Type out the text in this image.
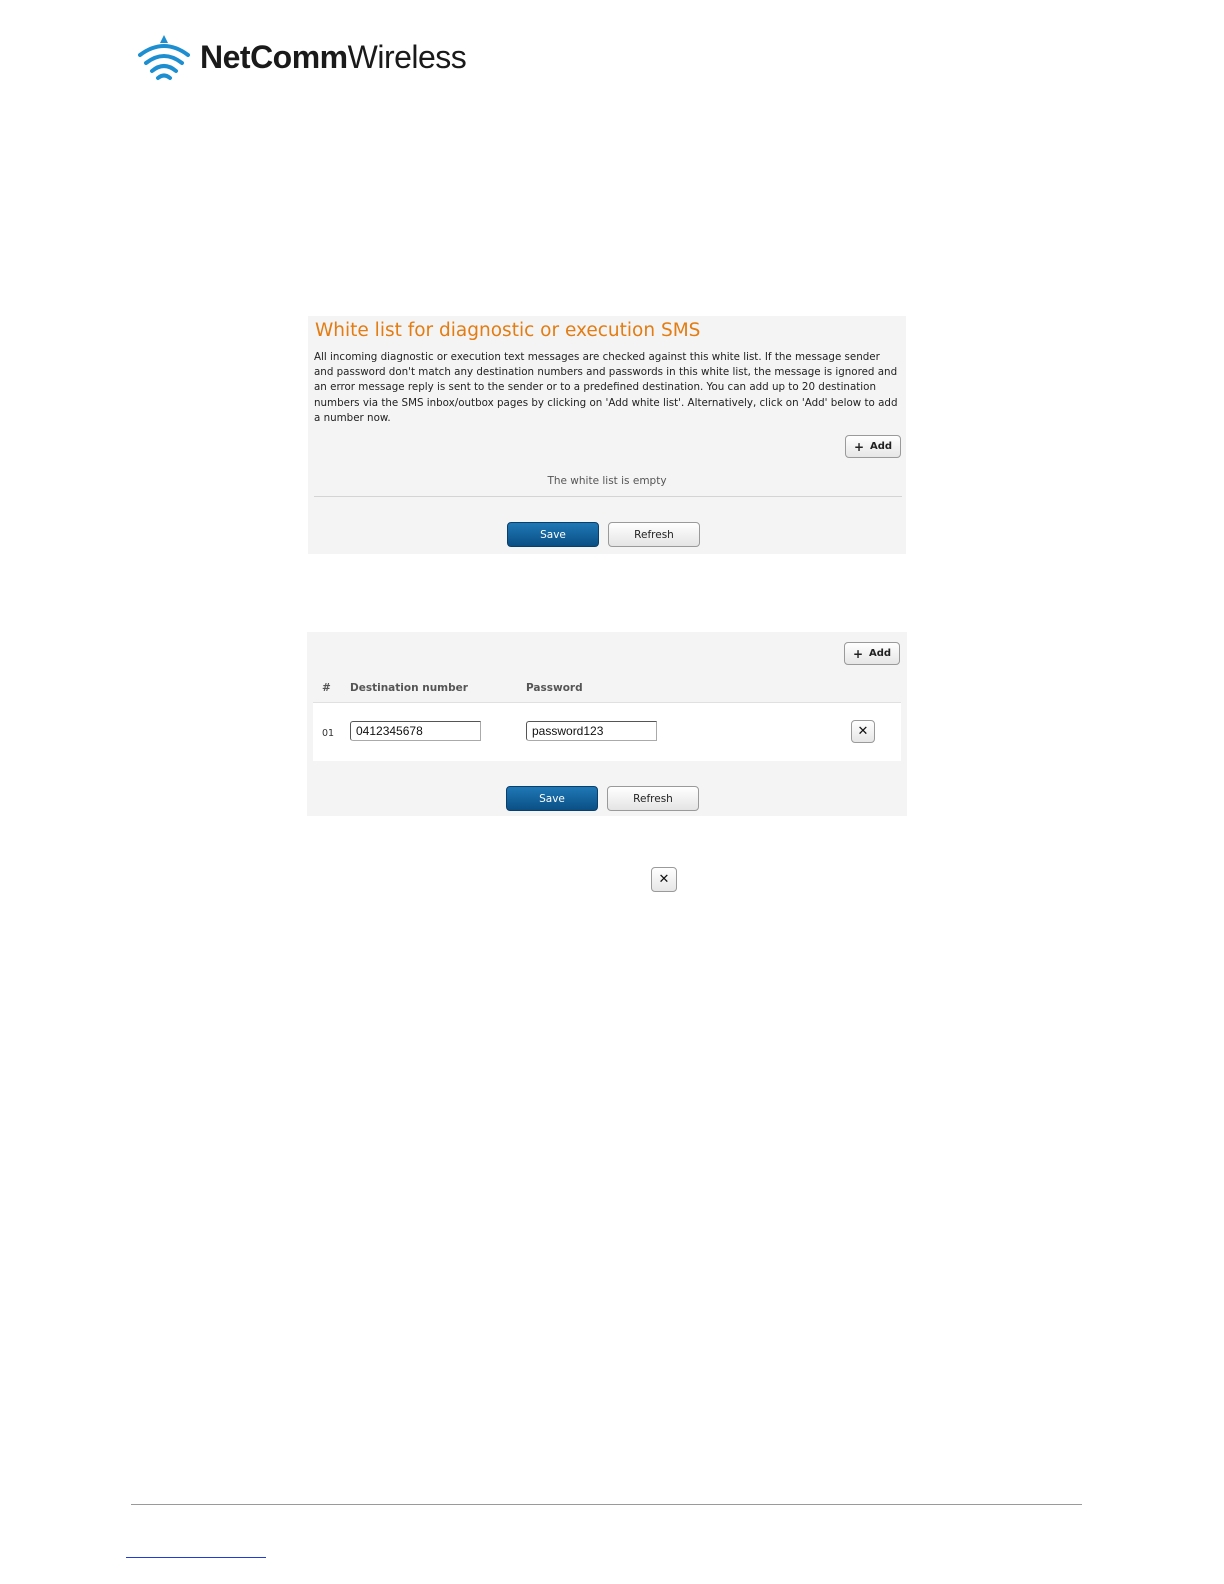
NetCommWireless
White list for diagnostic or execution SMS
All incoming diagnostic or execution text messages are checked against this white list. If the message sender and password don't match any destination numbers and passwords in this white list, the message is ignored and an error message reply is sent to the sender or to a predefined destination. You can add up to 20 destination numbers via the SMS inbox/outbox pages by clicking on 'Add white list'. Alternatively, click on 'Add' below to add a number now.
+ Add
The white list is empty
Save	Refresh
+ Add
# Destination number	Password
01	0412345678	password123	✕
Save	Refresh
✕
